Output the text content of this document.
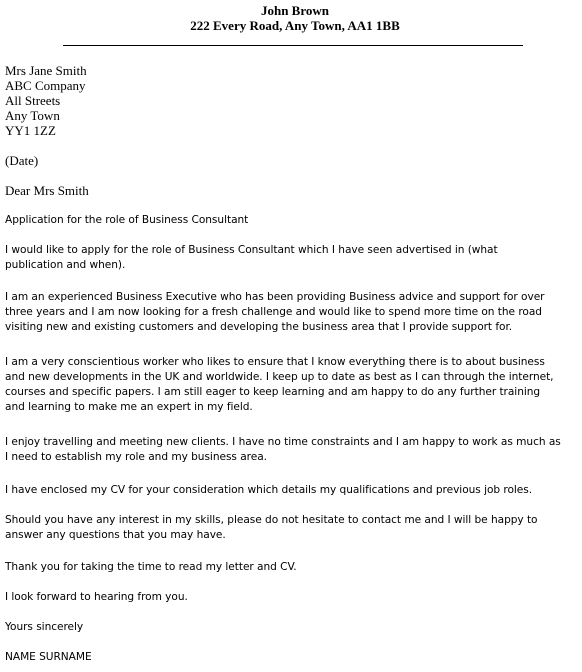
John Brown
222 Every Road, Any Town, AA1 1BB
Mrs Jane Smith
ABC Company
All Streets
Any Town
YY1 1ZZ
(Date)
Dear Mrs Smith
Application for the role of Business Consultant
I would like to apply for the role of Business Consultant which I have seen advertised in (what
publication and when).
I am an experienced Business Executive who has been providing Business advice and support for over
three years and I am now looking for a fresh challenge and would like to spend more time on the road
visiting new and existing customers and developing the business area that I provide support for.
I am a very conscientious worker who likes to ensure that I know everything there is to about business
and new developments in the UK and worldwide. I keep up to date as best as I can through the internet,
courses and specific papers. I am still eager to keep learning and am happy to do any further training
and learning to make me an expert in my field.
I enjoy travelling and meeting new clients. I have no time constraints and I am happy to work as much as
I need to establish my role and my business area.
I have enclosed my CV for your consideration which details my qualifications and previous job roles.
Should you have any interest in my skills, please do not hesitate to contact me and I will be happy to
answer any questions that you may have.
Thank you for taking the time to read my letter and CV.
I look forward to hearing from you.
Yours sincerely
NAME SURNAME
